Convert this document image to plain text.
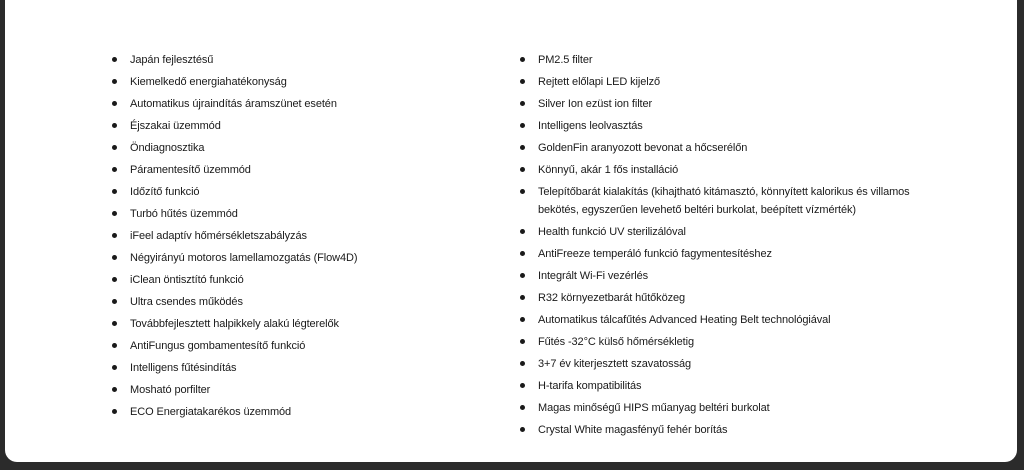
Japán fejlesztésű
Kiemelkedő energiahatékonyság
Automatikus újraindítás áramszünet esetén
Éjszakai üzemmód
Öndiagnosztika
Páramentesítő üzemmód
Időzítő funkció
Turbó hűtés üzemmód
iFeel adaptív hőmérsékletszabályzás
Négyirányú motoros lamellamozgatás (Flow4D)
iClean öntisztító funkció
Ultra csendes működés
Továbbfejlesztett halpikkely alakú légterelők
AntiFungus gombamentesítő funkció
Intelligens fűtésindítás
Mosható porfilter
ECO Energiatakarékos üzemmód
PM2.5 filter
Rejtett előlapi LED kijelző
Silver Ion ezüst ion filter
Intelligens leolvasztás
GoldenFin aranyozott bevonat a hőcserélőn
Könnyű, akár 1 fős installáció
Telepítőbarát kialakítás (kihajtható kitámasztó, könnyített kalorikus és villamos bekötés, egyszerűen levehető beltéri burkolat, beépített vízmérték)
Health funkció UV sterilizálóval
AntiFreeze temperáló funkció fagymentesítéshez
Integrált Wi-Fi vezérlés
R32 környezetbarát hűtőközeg
Automatikus tálcafűtés Advanced Heating Belt technológiával
Fűtés -32°C külső hőmérsékletig
3+7 év kiterjesztett szavatosság
H-tarifa kompatibilitás
Magas minőségű HIPS műanyag beltéri burkolat
Crystal White magasfényű fehér borítás
